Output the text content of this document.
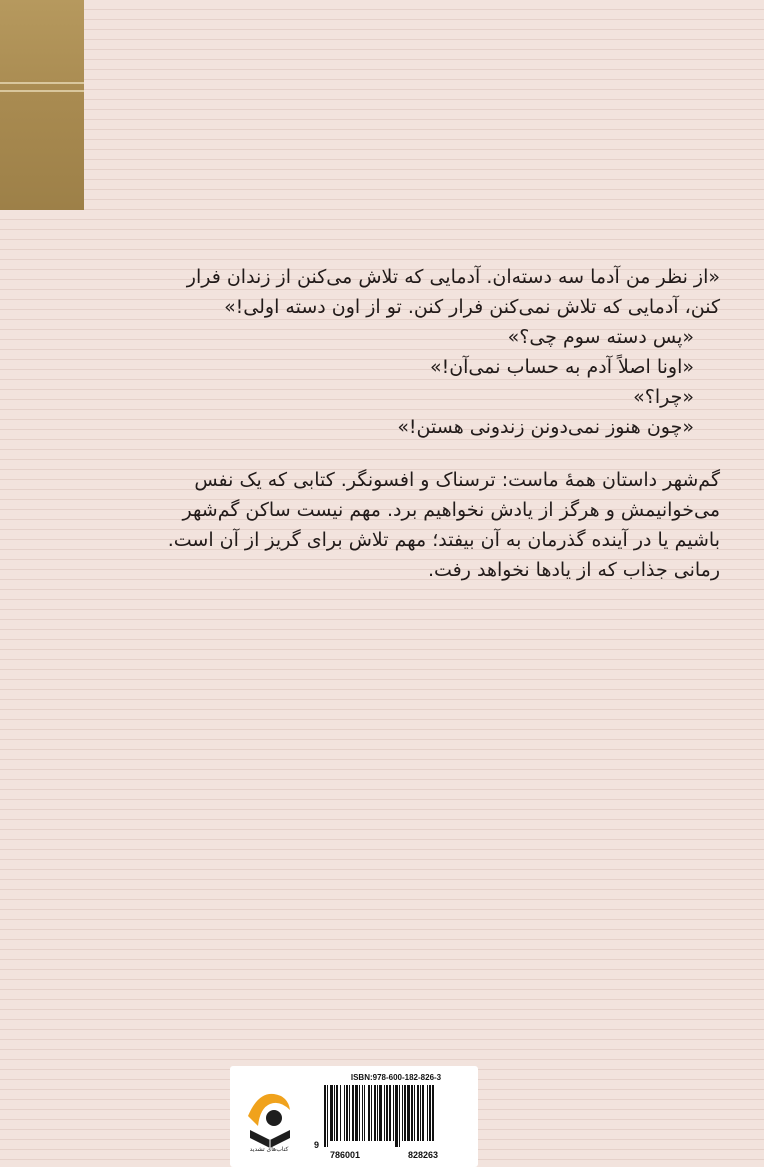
«از نظر من آدما سه دسته‌ان. آدمایی که تلاش می‌کنن از زندان فرار

کنن، آدمایی که تلاش نمی‌کنن فرار کنن. تو از اون دسته اولی!»

«پس دسته سوم چی؟»

«اونا اصلاً آدم به حساب نمی‌آن!»

«چرا؟»

«چون هنوز نمی‌دونن زندونی هستن!»

گم‌شهر داستان همهٔ ماست: ترسناک و افسونگر. کتابی که یک نفس

می‌خوانیمش و هرگز از یادش نخواهیم برد. مهم نیست ساکن گم‌شهر

باشیم یا در آینده گذرمان به آن بیفتد؛ مهم تلاش برای گریز از آن است.

رمانی جذاب که از یادها نخواهد رفت.

کتاب‌های تشدید
ISBN:978-600-182-826-3
9
786001	828263
